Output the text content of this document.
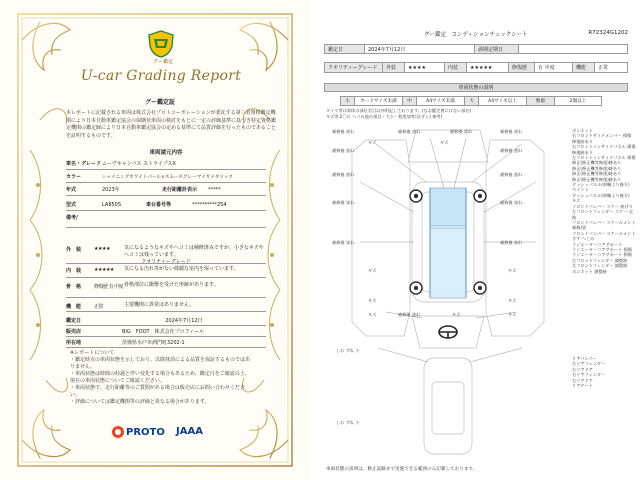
グー鑑定
U-car Grading Report
グー鑑定証
本レポートに記載される車両は株式会社プロトコーポレーションが委託する第三者資格鑑定機関により日本自動車鑑定協会の保険状車両の検討をもとに一定の評価基準に基づき特定資格鑑定機関の鑑定師により日本自動車鑑定協会の定める基準にて品質評価を行ったものであることを証明するものです。
車両請元内容
車名・グレード ムーヴキャンバス ストライプスX
カラー	シャイニングホワイトパール×スムースグレーマイカメタリック
年式	2023年	走行距離計表示	*****
型式	LA850S	車台番号等	**********254
備考/
クオリティーグレード
外　装	★★★★	気になるようなキズやへコミは補修済みですが、小さなキズやへコミは残っています。
内　装	★★★★★	気になる汚れ等がない綺麗な室内を保っています。
骨　格	修復歴 有 中度 骨格部位に衝撃を受けた形跡があります。
機　能	正常	主要機関に異常はありません。
鑑定日	2024年7月12日
販売店	BIG　FOOT　株式会社プロフィール
所在地	茨城県水戸市酒門町3202-1
※レポートについて
・鑑定時点の車両状態を示しており、以降抹消による品質を保証するものではありません。
・車両状態は時間の経過と伴い変化する場合もあるため、鑑定日をご確認の上、現在の車両状態についてご確認ください。
・車両状態で、走行距離等のご質問がある場合は販売店にお問い合わせください。
・評価については鑑定機関等の評価と異なる場合があります。
PROTO JAAA
グー鑑定　コンディションチェックシート	R72324G1202
鑑定日	2024年7月12日	満期定期日
クオリティーグレード	外装	★★★★	内装	★★★★★	修復歴	有 中度	機能	正常
車両状態の説明
小	カードサイズ未満	中	A4サイズ未満	大	A4サイズ以上	数値	2個以上
タイヤ等は車体の部位名目以外明記しております。(なお鑑定書にはない部位)
キズ等 2〇ロ ヘコみ他の項目・大小・程度加等は(ダン) 参考)
補修後 塗れ	補修後 塗れ	補修後 塗れ	補修後 塗れ
補修後 塗れ	補修後 塗れ
補修後 塗れ	補修後 塗れ
補修後 塗れ	補修後 塗れ
補修後 塗れ	補修後 塗れ
補修後 塗れ
キズ	キズ
キズ	キズ
キズ	キズ
キズ
キズ	キズ
しわ ずれ 小
しわ ずれ 小
ボンネット
右フロントサイドメンバー 損傷
修復跡あり
右フロントインサイドパネル 損傷
修復跡あり
左フロントインサイドパネル 損傷
修正(修正機等修復)跡あり
修正(修正機等修復)跡あり
修正(修正機等修復)跡あり
修正(修正機等修復)跡あり
ダッシュパネル(車軸より後方)
ペイント
ダッシュパネル(車軸より後方)
キズ
フロントバンパー スケー 曲げり
左フロントフェンダー スケー 交換
フロントバンパー スケールメント
補修/塗
フロントバンパー スケールメント
さす へこみ
ラジエーターコアサポート
ラジエーターコアサポート 損傷
ラジエーターコアサポート 損傷
左フロントフェンダー 調整跡
左フロントフェンダー 調整跡
ボンネット 調整跡
リアバンパー
左リアフェンダー
左リアドア
右リアフェンダー
右リアドア
リアゲート
車両状態の説明は、修止試験まで実施できる範囲のみ記載しております。
